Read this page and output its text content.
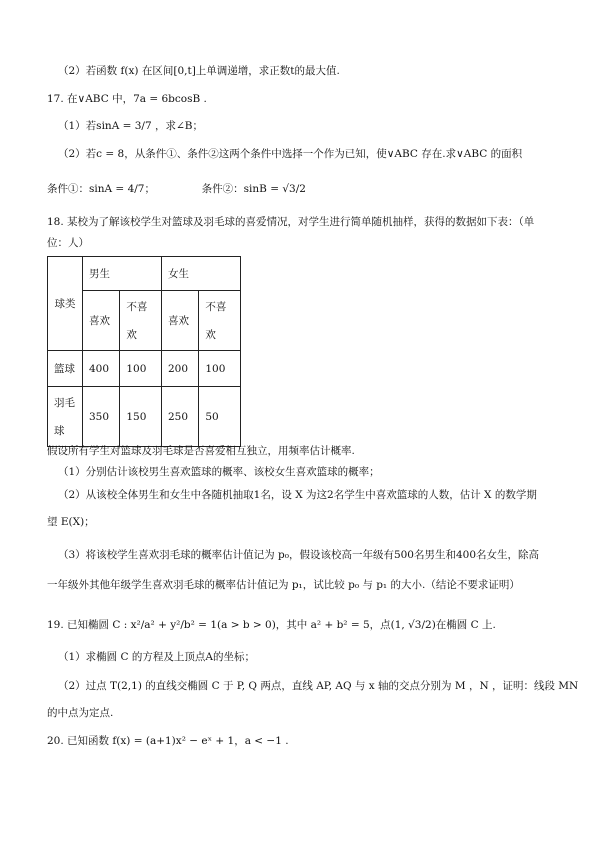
（2）若函数 f(x) 在区间[0,t]上单调递增，求正数t的最大值.
17. 在∨ABC 中，7a = 6bcosB .
（1）若sinA = 3/7 ，求∠B；
（2）若c = 8，从条件①、条件②这两个条件中选择一个作为已知，使∨ABC 存在.求∨ABC 的面积
条件①：sinA = 4/7；	条件②：sinB = √3/2
18. 某校为了解该校学生对篮球及羽毛球的喜爱情况，对学生进行简单随机抽样，获得的数据如下表：（单
位：人）
球类	男生		女生	
	喜欢	不喜欢	喜欢	不喜欢
篮球	400	100	200	100
羽毛球	350	150	250	50
假设所有学生对篮球及羽毛球是否喜爱相互独立，用频率估计概率.
（1）分别估计该校男生喜欢篮球的概率、该校女生喜欢篮球的概率；
（2）从该校全体男生和女生中各随机抽取1名，设 X 为这2名学生中喜欢篮球的人数，估计 X 的数学期
望 E(X)；
（3）将该校学生喜欢羽毛球的概率估计值记为 p₀，假设该校高一年级有500名男生和400名女生，除高
一年级外其他年级学生喜欢羽毛球的概率估计值记为 p₁，试比较 p₀ 与 p₁ 的大小.（结论不要求证明）
19. 已知椭圆 C : x²/a² + y²/b² = 1(a > b > 0)，其中 a² + b² = 5，点(1, √3/2)在椭圆 C 上.
（1）求椭圆 C 的方程及上顶点A的坐标；
（2）过点 T(2,1) 的直线交椭圆 C 于 P, Q 两点，直线 AP, AQ 与 x 轴的交点分别为 M ，N ，证明：线段 MN
的中点为定点.
20. 已知函数 f(x) = (a+1)x² − eˣ + 1，a < −1 .
